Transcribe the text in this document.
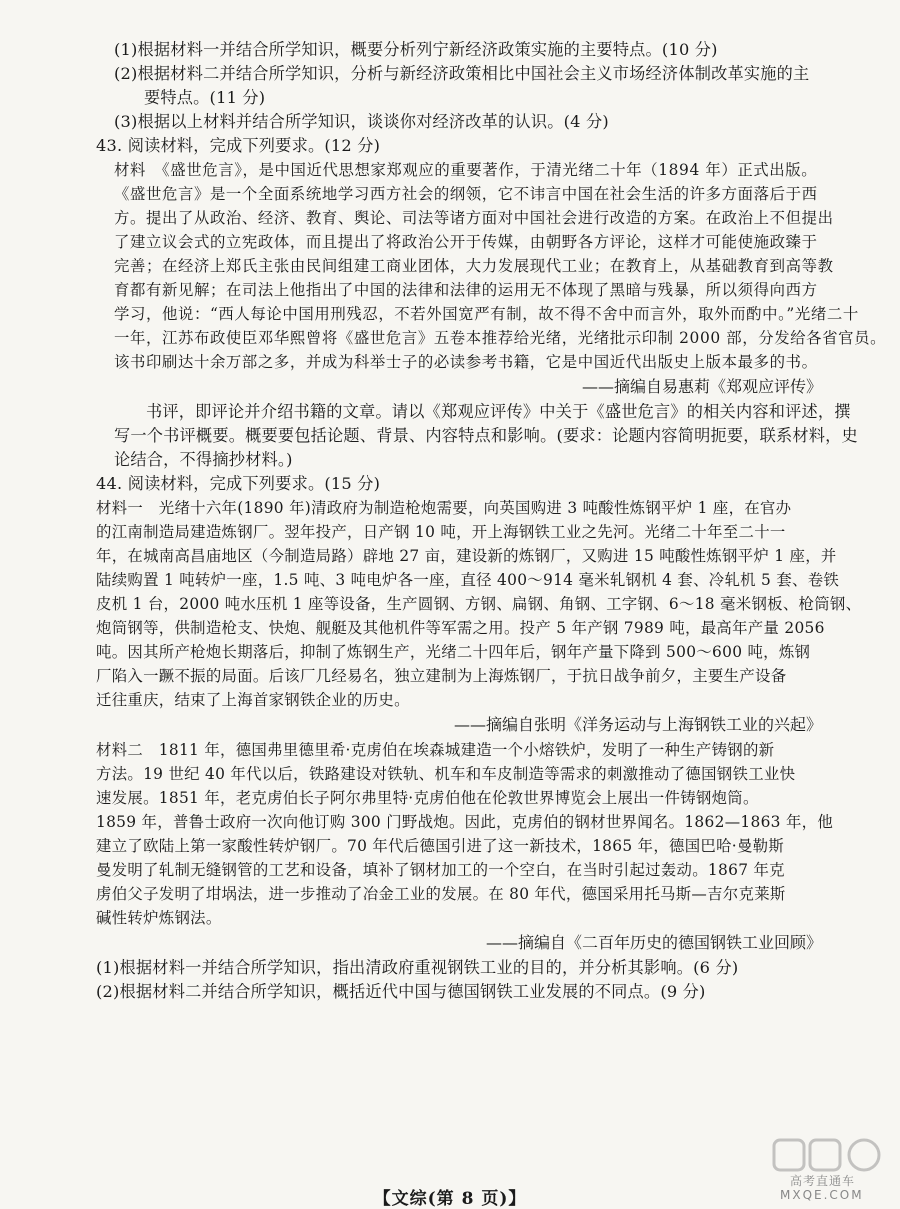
(1)根据材料一并结合所学知识，概要分析列宁新经济政策实施的主要特点。(10 分)
(2)根据材料二并结合所学知识，分析与新经济政策相比中国社会主义市场经济体制改革实施的主
要特点。(11 分)
(3)根据以上材料并结合所学知识，谈谈你对经济改革的认识。(4 分)
43. 阅读材料，完成下列要求。(12 分)
材料　《盛世危言》，是中国近代思想家郑观应的重要著作，于清光绪二十年（1894 年）正式出版。
《盛世危言》是一个全面系统地学习西方社会的纲领，它不讳言中国在社会生活的许多方面落后于西
方。提出了从政治、经济、教育、舆论、司法等诸方面对中国社会进行改造的方案。在政治上不但提出
了建立议会式的立宪政体，而且提出了将政治公开于传媒，由朝野各方评论，这样才可能使施政臻于
完善；在经济上郑氏主张由民间组建工商业团体，大力发展现代工业；在教育上，从基础教育到高等教
育都有新见解；在司法上他指出了中国的法律和法律的运用无不体现了黑暗与残暴，所以须得向西方
学习，他说：“西人每论中国用刑残忍，不若外国宽严有制，故不得不舍中而言外，取外而酌中。”光绪二十
一年，江苏布政使臣邓华熙曾将《盛世危言》五卷本推荐给光绪，光绪批示印制 2000 部，分发给各省官员。
该书印刷达十余万部之多，并成为科举士子的必读参考书籍，它是中国近代出版史上版本最多的书。
——摘编自易惠莉《郑观应评传》
书评，即评论并介绍书籍的文章。请以《郑观应评传》中关于《盛世危言》的相关内容和评述，撰
写一个书评概要。概要要包括论题、背景、内容特点和影响。(要求：论题内容简明扼要，联系材料，史
论结合，不得摘抄材料。)
44. 阅读材料，完成下列要求。(15 分)
材料一　光绪十六年(1890 年)清政府为制造枪炮需要，向英国购进 3 吨酸性炼钢平炉 1 座，在官办
的江南制造局建造炼钢厂。翌年投产，日产钢 10 吨，开上海钢铁工业之先河。光绪二十年至二十一
年，在城南高昌庙地区（今制造局路）辟地 27 亩，建设新的炼钢厂，又购进 15 吨酸性炼钢平炉 1 座，并
陆续购置 1 吨转炉一座，1.5 吨、3 吨电炉各一座，直径 400～914 毫米轧钢机 4 套、冷轧机 5 套、卷铁
皮机 1 台，2000 吨水压机 1 座等设备，生产圆钢、方钢、扁钢、角钢、工字钢、6～18 毫米钢板、枪筒钢、
炮筒钢等，供制造枪支、快炮、舰艇及其他机件等军需之用。投产 5 年产钢 7989 吨，最高年产量 2056
吨。因其所产枪炮长期落后，抑制了炼钢生产，光绪二十四年后，钢年产量下降到 500～600 吨，炼钢
厂陷入一蹶不振的局面。后该厂几经易名，独立建制为上海炼钢厂，于抗日战争前夕，主要生产设备
迁往重庆，结束了上海首家钢铁企业的历史。
——摘编自张明《洋务运动与上海钢铁工业的兴起》
材料二　1811 年，德国弗里德里希·克虏伯在埃森城建造一个小熔铁炉，发明了一种生产铸钢的新
方法。19 世纪 40 年代以后，铁路建设对铁轨、机车和车皮制造等需求的刺激推动了德国钢铁工业快
速发展。1851 年，老克虏伯长子阿尔弗里特·克虏伯他在伦敦世界博览会上展出一件铸钢炮筒。
1859 年，普鲁士政府一次向他订购 300 门野战炮。因此，克虏伯的钢材世界闻名。1862—1863 年，他
建立了欧陆上第一家酸性转炉钢厂。70 年代后德国引进了这一新技术，1865 年，德国巴哈·曼勒斯
曼发明了轧制无缝钢管的工艺和设备，填补了钢材加工的一个空白，在当时引起过轰动。1867 年克
虏伯父子发明了坩埚法，进一步推动了冶金工业的发展。在 80 年代，德国采用托马斯—吉尔克莱斯
碱性转炉炼钢法。
——摘编自《二百年历史的德国钢铁工业回顾》
(1)根据材料一并结合所学知识，指出清政府重视钢铁工业的目的，并分析其影响。(6 分)
(2)根据材料二并结合所学知识，概括近代中国与德国钢铁工业发展的不同点。(9 分)
高考直通车
MXQE.COM
【文综(第 8 页)】
